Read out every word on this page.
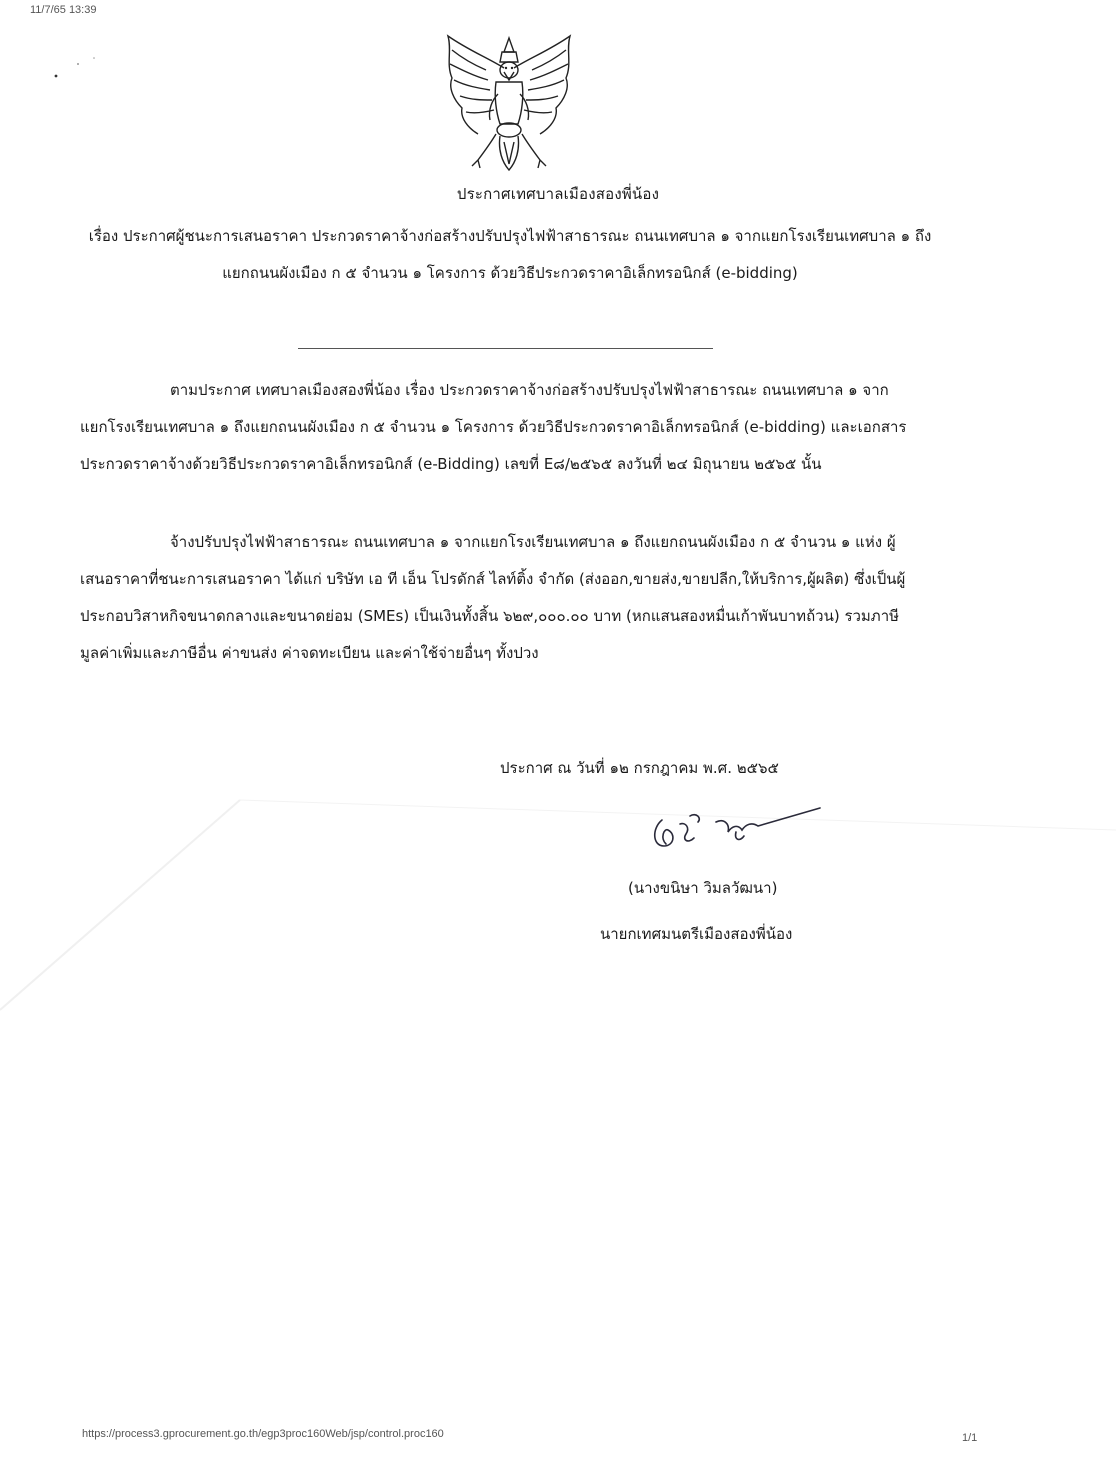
11/7/65 13:39
ประกาศเทศบาลเมืองสองพี่น้อง
เรื่อง ประกาศผู้ชนะการเสนอราคา ประกวดราคาจ้างก่อสร้างปรับปรุงไฟฟ้าสาธารณะ ถนนเทศบาล ๑ จากแยกโรงเรียนเทศบาล ๑ ถึงแยกถนนผังเมือง ก ๕ จำนวน ๑ โครงการ ด้วยวิธีประกวดราคาอิเล็กทรอนิกส์ (e-bidding)
ตามประกาศ เทศบาลเมืองสองพี่น้อง เรื่อง ประกวดราคาจ้างก่อสร้างปรับปรุงไฟฟ้าสาธารณะ ถนนเทศบาล ๑ จากแยกโรงเรียนเทศบาล ๑ ถึงแยกถนนผังเมือง ก ๕ จำนวน ๑ โครงการ ด้วยวิธีประกวดราคาอิเล็กทรอนิกส์ (e-bidding) และเอกสารประกวดราคาจ้างด้วยวิธีประกวดราคาอิเล็กทรอนิกส์ (e-Bidding) เลขที่ E๘/๒๕๖๕ ลงวันที่ ๒๔ มิถุนายน ๒๕๖๕ นั้น
จ้างปรับปรุงไฟฟ้าสาธารณะ ถนนเทศบาล ๑ จากแยกโรงเรียนเทศบาล ๑ ถึงแยกถนนผังเมือง ก ๕ จำนวน ๑ แห่ง ผู้เสนอราคาที่ชนะการเสนอราคา ได้แก่ บริษัท เอ ที เอ็น โปรดักส์ ไลท์ติ้ง จำกัด (ส่งออก,ขายส่ง,ขายปลีก,ให้บริการ,ผู้ผลิต) ซึ่งเป็นผู้ประกอบวิสาหกิจขนาดกลางและขนาดย่อม (SMEs) เป็นเงินทั้งสิ้น ๖๒๙,๐๐๐.๐๐ บาท (หกแสนสองหมื่นเก้าพันบาทถ้วน) รวมภาษีมูลค่าเพิ่มและภาษีอื่น ค่าขนส่ง ค่าจดทะเบียน และค่าใช้จ่ายอื่นๆ ทั้งปวง
ประกาศ ณ วันที่ ๑๒ กรกฎาคม พ.ศ. ๒๕๖๕
(นางขนิษา วิมลวัฒนา)
นายกเทศมนตรีเมืองสองพี่น้อง
https://process3.gprocurement.go.th/egp3proc160Web/jsp/control.proc160	1/1
